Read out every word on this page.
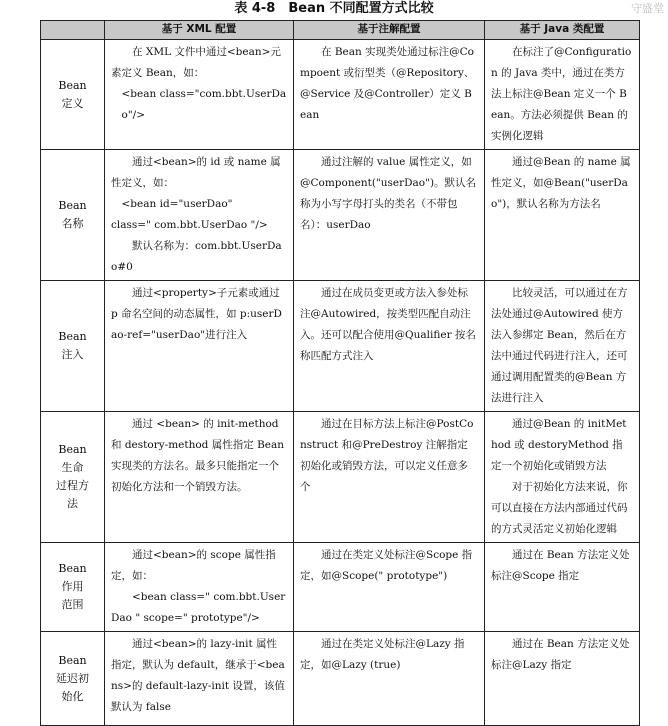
表 4-8　Bean 不同配置方式比较	守盛堂
	基于 XML 配置	基于注解配置	基于 Java 类配置

Bean
定义	在 XML 文件中通过<bean>元素定义 Bean，如：
<bean class="com.bbt.UserDao"/>	在 Bean 实现类处通过标注@Compoent 或衍型类（@Repository、@Service 及@Controller）定义 Bean	在标注了@Configuration 的 Java 类中，通过在类方法上标注@Bean 定义一个 Bean。方法必须提供 Bean 的实例化逻辑

Bean
名称	通过<bean>的 id 或 name 属性定义，如：
<bean id="userDao"
class=" com.bbt.UserDao "/>
默认名称为：com.bbt.UserDao#0	通过注解的 value 属性定义，如@Component("userDao")。默认名称为小写字母打头的类名（不带包名）：userDao	通过@Bean 的 name 属性定义，如@Bean("userDao")，默认名称为方法名

Bean
注入	通过<property>子元素或通过 p 命名空间的动态属性，如 p:userDao-ref="userDao"进行注入	通过在成员变更或方法入参处标注@Autowired，按类型匹配自动注入。还可以配合使用@Qualifier 按名称匹配方式注入	比较灵活，可以通过在方法处通过@Autowired 使方法入参绑定 Bean，然后在方法中通过代码进行注入，还可通过调用配置类的@Bean 方法进行注入

Bean
生命
过程方
法	通过 <bean> 的 init-method 和 destory-method 属性指定 Bean 实现类的方法名。最多只能指定一个初始化方法和一个销毁方法。	通过在目标方法上标注@PostConstruct 和@PreDestroy 注解指定初始化或销毁方法，可以定义任意多个	通过@Bean 的 initMethod 或 destoryMethod 指定一个初始化或销毁方法
对于初始化方法来说，你可以直接在方法内部通过代码的方式灵活定义初始化逻辑

Bean
作用
范围	通过<bean>的 scope 属性指定，如：
<bean class=" com.bbt.UserDao " scope=" prototype"/>	通过在类定义处标注@Scope 指定，如@Scope(" prototype")	通过在 Bean 方法定义处标注@Scope 指定

Bean
延迟初
始化	通过<bean>的 lazy-init 属性指定，默认为 default，继承于<beans>的 default-lazy-init 设置，该值默认为 false	通过在类定义处标注@Lazy 指定，如@Lazy (true)	通过在 Bean 方法定义处标注@Lazy 指定
